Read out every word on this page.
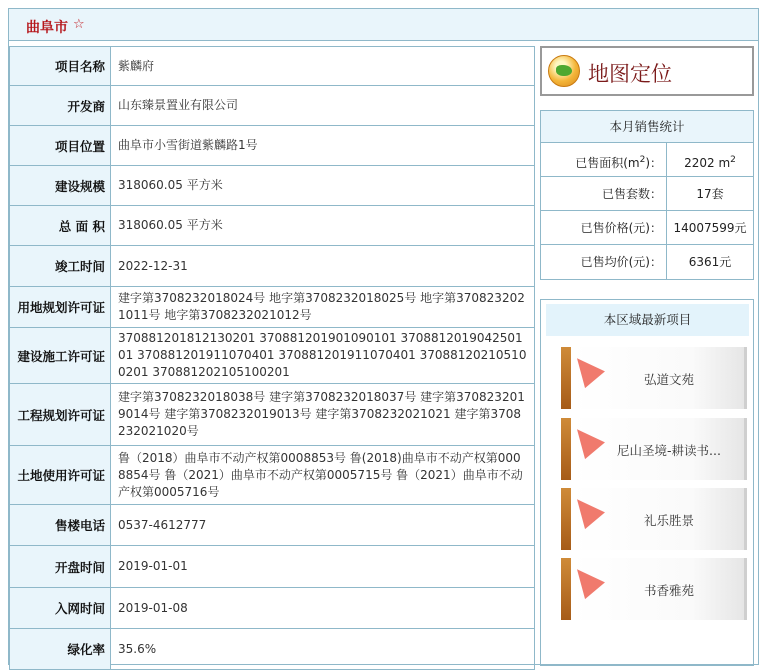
曲阜市 ☆
项目名称	紫麟府
开发商	山东臻景置业有限公司
项目位置	曲阜市小雪街道紫麟路1号
建设规模	318060.05 平方米
总 面 积	318060.05 平方米
竣工时间	2022-12-31
用地规划许可证	建字第3708232018024号 地字第3708232018025号 地字第3708232021011号 地字第3708232021012号
建设施工许可证	370881201812130201 370881201901090101 370881201904250101 370881201911070401 370881201911070401 370881202105100201 370881202105100201
工程规划许可证	建字第3708232018038号 建字第3708232018037号 建字第3708232019014号 建字第3708232019013号 建字第3708232021021 建字第3708232021020号
土地使用许可证	鲁（2018）曲阜市不动产权第0008853号 鲁(2018)曲阜市不动产权第0008854号 鲁（2021）曲阜市不动产权第0005715号 鲁（2021）曲阜市不动产权第0005716号
售楼电话	0537-4612777
开盘时间	2019-01-01
入网时间	2019-01-08
绿化率	35.6%
地图定位
本月销售统计
已售面积$(m^2)$：	2202 $m^2$
已售套数：	17套
已售价格(元)： 14007599元
已售均价(元)：	6361元
本区域最新项目
弘道文苑
尼山圣境-耕读书...
礼乐胜景
书香雅苑
